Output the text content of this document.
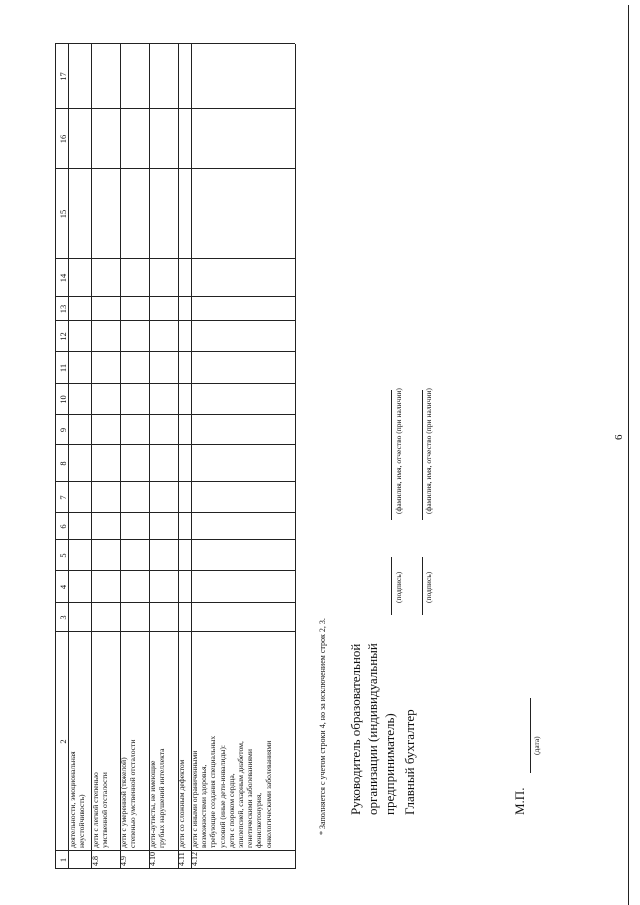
6
1
2
3
4
5
6
7
8
9
10
11
12
13
14
15
16
17
* Заполняется с учетом строки 4, но за исключением строк 2, 3. Руководитель образовательной
организации (индивидуальный
предприниматель)
(подпись)
(фамилия, имя, отчество (при наличии)
Главный бухгалтер
(подпись)
(фамилия, имя, отчество (при наличии)
М.П.
(дата)
деятельности, эмоциональная
неустойчивость)
4.8
дети с легкой степенью
умственной отсталости
4.9
дети с умеренной (тяжелой)
степенью умственной отсталости
4.10
дети-аутисты, не имеющие
грубых нарушений интеллекта
4.11
дети со сложным дефектом
4.12
дети с иными ограниченными
возможностями здоровья,
требующие создания специальных
условий (иные дети-инвалиды):
дети с пороком сердца,
эпилепсией, сахарным диабетом,
генетическими заболеваниями
фенилкетонурия,
онкологическими заболеваниями
